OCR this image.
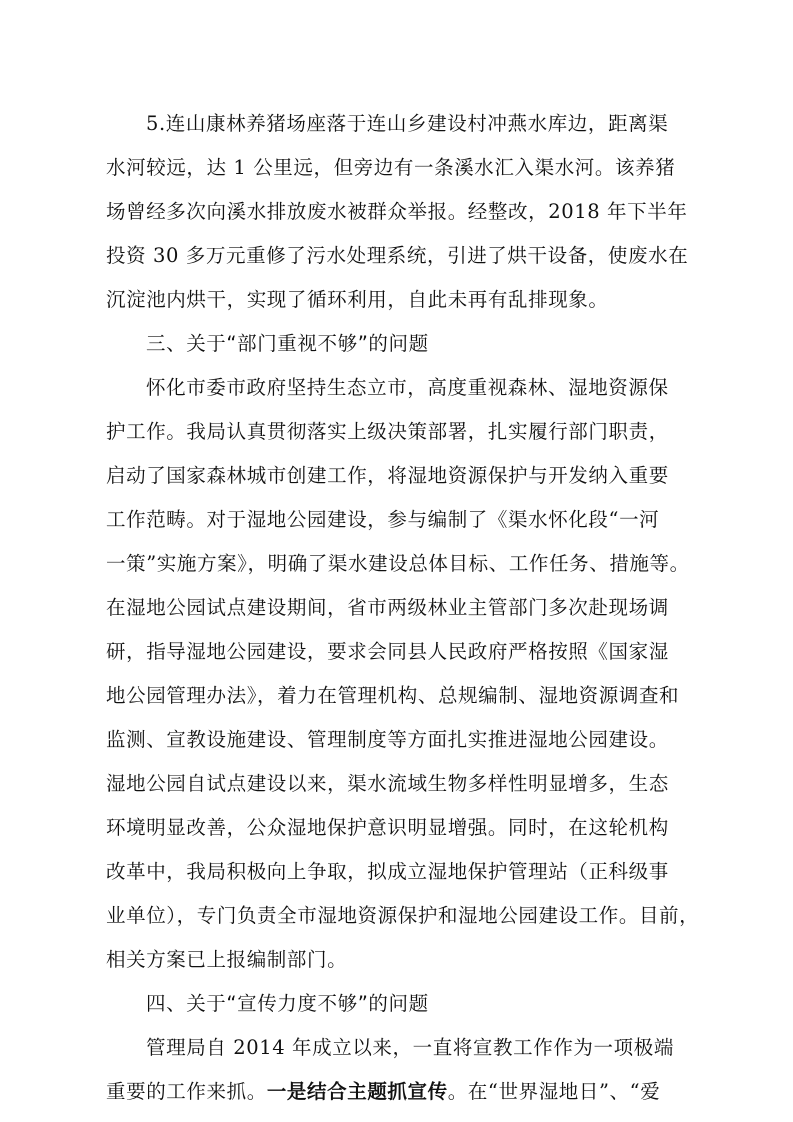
5.连山康林养猪场座落于连山乡建设村冲燕水库边，距离渠
水河较远，达 1 公里远，但旁边有一条溪水汇入渠水河。该养猪
场曾经多次向溪水排放废水被群众举报。经整改，2018 年下半年
投资 30 多万元重修了污水处理系统，引进了烘干设备，使废水在
沉淀池内烘干，实现了循环利用，自此未再有乱排现象。
三、关于“部门重视不够”的问题
怀化市委市政府坚持生态立市，高度重视森林、湿地资源保
护工作。我局认真贯彻落实上级决策部署，扎实履行部门职责，
启动了国家森林城市创建工作，将湿地资源保护与开发纳入重要
工作范畴。对于湿地公园建设，参与编制了《渠水怀化段“一河
一策”实施方案》，明确了渠水建设总体目标、工作任务、措施等。
在湿地公园试点建设期间，省市两级林业主管部门多次赴现场调
研，指导湿地公园建设，要求会同县人民政府严格按照《国家湿
地公园管理办法》，着力在管理机构、总规编制、湿地资源调查和
监测、宣教设施建设、管理制度等方面扎实推进湿地公园建设。
湿地公园自试点建设以来，渠水流域生物多样性明显增多，生态
环境明显改善，公众湿地保护意识明显增强。同时，在这轮机构
改革中，我局积极向上争取，拟成立湿地保护管理站（正科级事
业单位），专门负责全市湿地资源保护和湿地公园建设工作。目前，
相关方案已上报编制部门。
四、关于“宣传力度不够”的问题
管理局自 2014 年成立以来，一直将宣教工作作为一项极端
重要的工作来抓。一是结合主题抓宣传。在“世界湿地日”、“爱
